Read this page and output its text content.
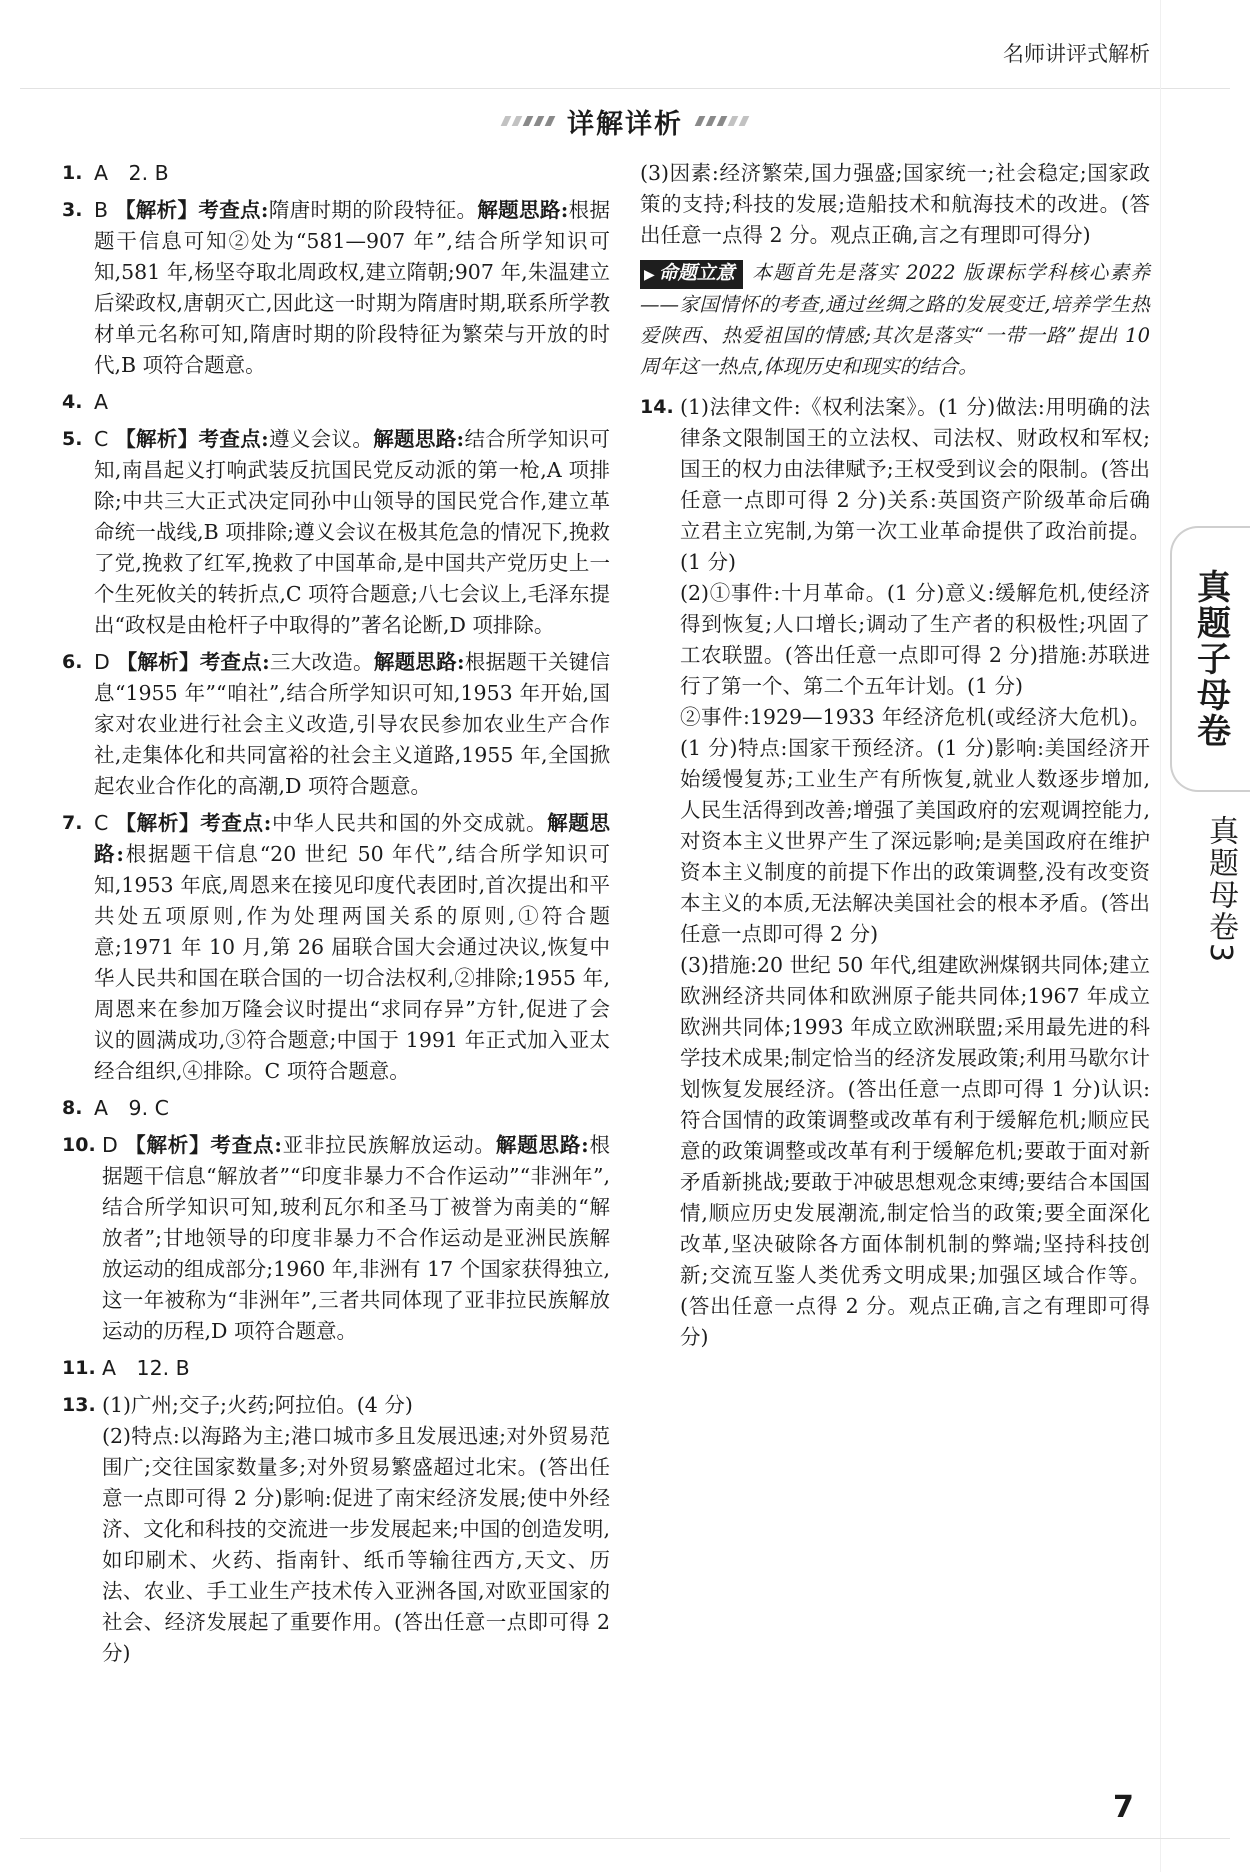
名师讲评式解析
详解详析
1. A　2. B
3. B 【解析】考查点:隋唐时期的阶段特征。解题思路:根据题干信息可知②处为“581—907 年”,结合所学知识可知,581 年,杨坚夺取北周政权,建立隋朝;907 年,朱温建立后梁政权,唐朝灭亡,因此这一时期为隋唐时期,联系所学教材单元名称可知,隋唐时期的阶段特征为繁荣与开放的时代,B 项符合题意。
4. A
5. C 【解析】考查点:遵义会议。解题思路:结合所学知识可知,南昌起义打响武装反抗国民党反动派的第一枪,A 项排除;中共三大正式决定同孙中山领导的国民党合作,建立革命统一战线,B 项排除;遵义会议在极其危急的情况下,挽救了党,挽救了红军,挽救了中国革命,是中国共产党历史上一个生死攸关的转折点,C 项符合题意;八七会议上,毛泽东提出“政权是由枪杆子中取得的”著名论断,D 项排除。
6. D 【解析】考查点:三大改造。解题思路:根据题干关键信息“1955 年”“咱社”,结合所学知识可知,1953 年开始,国家对农业进行社会主义改造,引导农民参加农业生产合作社,走集体化和共同富裕的社会主义道路,1955 年,全国掀起农业合作化的高潮,D 项符合题意。
7. C 【解析】考查点:中华人民共和国的外交成就。解题思路:根据题干信息“20 世纪 50 年代”,结合所学知识可知,1953 年底,周恩来在接见印度代表团时,首次提出和平共处五项原则,作为处理两国关系的原则,①符合题意;1971 年 10 月,第 26 届联合国大会通过决议,恢复中华人民共和国在联合国的一切合法权利,②排除;1955 年,周恩来在参加万隆会议时提出“求同存异”方针,促进了会议的圆满成功,③符合题意;中国于 1991 年正式加入亚太经合组织,④排除。C 项符合题意。
8. A　9. C
10. D 【解析】考查点:亚非拉民族解放运动。解题思路:根据题干信息“解放者”“印度非暴力不合作运动”“非洲年”,结合所学知识可知,玻利瓦尔和圣马丁被誉为南美的“解放者”;甘地领导的印度非暴力不合作运动是亚洲民族解放运动的组成部分;1960 年,非洲有 17 个国家获得独立,这一年被称为“非洲年”,三者共同体现了亚非拉民族解放运动的历程,D 项符合题意。
11. A　12. B
13. (1)广州;交子;火药;阿拉伯。(4 分)

(2)特点:以海路为主;港口城市多且发展迅速;对外贸易范围广;交往国家数量多;对外贸易繁盛超过北宋。(答出任意一点即可得 2 分)影响:促进了南宋经济发展;使中外经济、文化和科技的交流进一步发展起来;中国的创造发明,如印刷术、火药、指南针、纸币等输往西方,天文、历法、农业、手工业生产技术传入亚洲各国,对欧亚国家的社会、经济发展起了重要作用。(答出任意一点即可得 2 分)

(3)因素:经济繁荣,国力强盛;国家统一;社会稳定;国家政策的支持;科技的发展;造船技术和航海技术的改进。(答出任意一点得 2 分。观点正确,言之有理即可得分)

▶ 命题立意 本题首先是落实 2022 版课标学科核心素养——家国情怀的考查,通过丝绸之路的发展变迁,培养学生热爱陕西、热爱祖国的情感;其次是落实“一带一路”提出 10 周年这一热点,体现历史和现实的结合。
14. (1)法律文件:《权利法案》。(1 分)做法:用明确的法律条文限制国王的立法权、司法权、财政权和军权;国王的权力由法律赋予;王权受到议会的限制。(答出任意一点即可得 2 分)关系:英国资产阶级革命后确立君主立宪制,为第一次工业革命提供了政治前提。(1 分)

(2)①事件:十月革命。(1 分)意义:缓解危机,使经济得到恢复;人口增长;调动了生产者的积极性;巩固了工农联盟。(答出任意一点即可得 2 分)措施:苏联进行了第一个、第二个五年计划。(1 分)

②事件:1929—1933 年经济危机(或经济大危机)。(1 分)特点:国家干预经济。(1 分)影响:美国经济开始缓慢复苏;工业生产有所恢复,就业人数逐步增加,人民生活得到改善;增强了美国政府的宏观调控能力,对资本主义世界产生了深远影响;是美国政府在维护资本主义制度的前提下作出的政策调整,没有改变资本主义的本质,无法解决美国社会的根本矛盾。(答出任意一点即可得 2 分)

(3)措施:20 世纪 50 年代,组建欧洲煤钢共同体;建立欧洲经济共同体和欧洲原子能共同体;1967 年成立欧洲共同体;1993 年成立欧洲联盟;采用最先进的科学技术成果;制定恰当的经济发展政策;利用马歇尔计划恢复发展经济。(答出任意一点即可得 1 分)认识:符合国情的政策调整或改革有利于缓解危机;顺应民意的政策调整或改革有利于缓解危机;要敢于面对新矛盾新挑战;要敢于冲破思想观念束缚;要结合本国国情,顺应历史发展潮流,制定恰当的政策;要全面深化改革,坚决破除各方面体制机制的弊端;坚持科技创新;交流互鉴人类优秀文明成果;加强区域合作等。(答出任意一点得 2 分。观点正确,言之有理即可得分)

真题子母卷
真题母卷3
7
